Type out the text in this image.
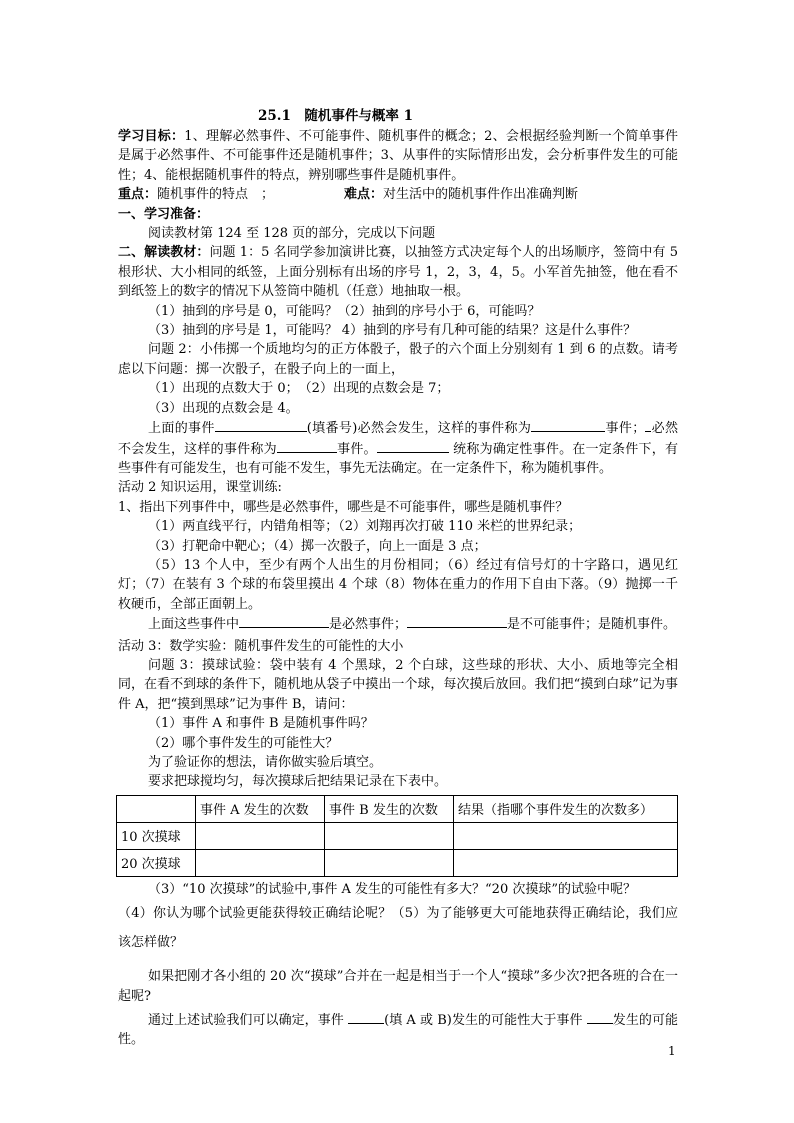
25.1　随机事件与概率 1

学习目标：1、理解必然事件、不可能事件、随机事件的概念；2、会根据经验判断一个简单事件是属于必然事件、不可能事件还是随机事件；3、从事件的实际情形出发，会分析事件发生的可能性；4、能根据随机事件的特点，辨别哪些事件是随机事件。

重点：随机事件的特点　；	难点：对生活中的随机事件作出准确判断

一、学习准备：

阅读教材第 124 至 128 页的部分，完成以下问题

二、解读教材：问题 1：5 名同学参加演讲比赛，以抽签方式决定每个人的出场顺序，签筒中有 5 根形状、大小相同的纸签，上面分别标有出场的序号 1，2，3，4，5。小军首先抽签，他在看不到纸签上的数字的情况下从签筒中随机（任意）地抽取一根。

（1）抽到的序号是 0，可能吗？（2）抽到的序号小于 6，可能吗？

（3）抽到的序号是 1，可能吗？ 4）抽到的序号有几种可能的结果？这是什么事件？

问题 2：小伟掷一个质地均匀的正方体骰子，骰子的六个面上分别刻有 1 到 6 的点数。请考虑以下问题：掷一次骰子，在骰子向上的一面上，

（1）出现的点数大于 0；　（2）出现的点数会是 7；

（3）出现的点数会是 4。

上面的事件	(填番号)必然会发生，这样的事件称为	事件； 必然不会发生，这样的事件称为	事件。	统称为确定性事件。在一定条件下，有些事件有可能发生，也有可能不发生，事先无法确定。在一定条件下，称为随机事件。

活动 2 知识运用，课堂训练:

1、指出下列事件中，哪些是必然事件，哪些是不可能事件，哪些是随机事件？

（1）两直线平行，内错角相等；（2）刘翔再次打破 110 米栏的世界纪录；

（3）打靶命中靶心；（4）掷一次骰子，向上一面是 3 点；

（5）13 个人中，至少有两个人出生的月份相同；（6）经过有信号灯的十字路口，遇见红灯；（7）在装有 3 个球的布袋里摸出 4 个球（8）物体在重力的作用下自由下落。（9）抛掷一千枚硬币，全部正面朝上。

上面这些事件中	是必然事件；	是不可能事件；是随机事件。

活动 3：数学实验：随机事件发生的可能性的大小

问题 3：摸球试验：袋中装有 4 个黑球，2 个白球，这些球的形状、大小、质地等完全相同，在看不到球的条件下，随机地从袋子中摸出一个球，每次摸后放回。我们把“摸到白球”记为事件 A，把“摸到黑球”记为事件 B，请问：

（1）事件 A 和事件 B 是随机事件吗？

（2）哪个事件发生的可能性大？

为了验证你的想法，请你做实验后填空。

要求把球搅均匀，每次摸球后把结果记录在下表中。

	事件 A 发生的次数	事件 B 发生的次数	结果（指哪个事件发生的次数多）
10 次摸球			
20 次摸球			

（3）“10 次摸球”的试验中,事件 A 发生的可能性有多大？“20 次摸球”的试验中呢？

（4）你认为哪个试验更能获得较正确结论呢？（5）为了能够更大可能地获得正确结论，我们应该怎样做？

如果把刚才各小组的 20 次“摸球”合并在一起是相当于一个人“摸球”多少次?把各班的合在一起呢?

通过上述试验我们可以确定，事件	(填 A 或 B)发生的可能性大于事件 发生的可能性。

1
